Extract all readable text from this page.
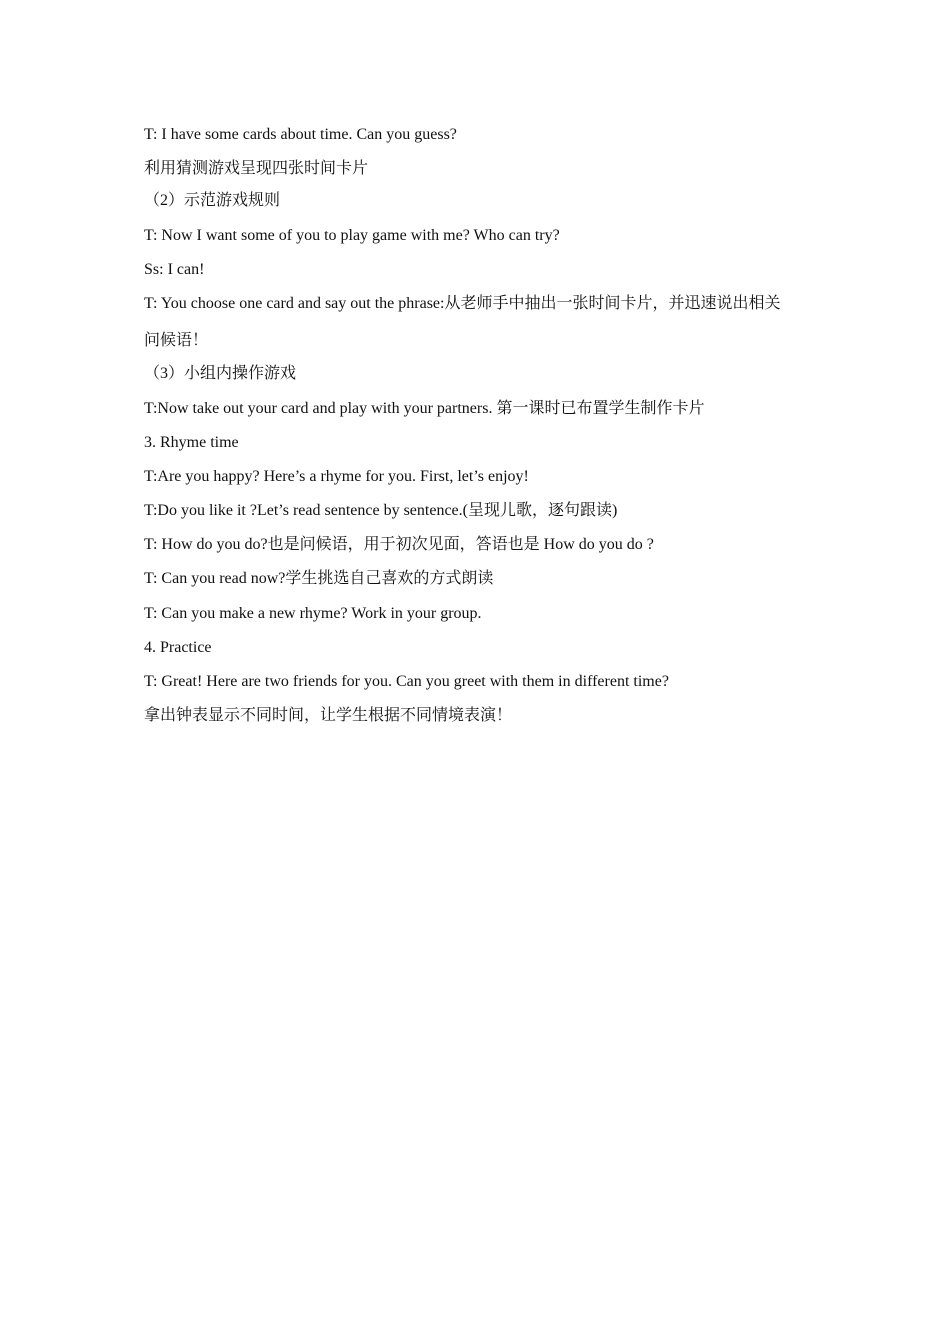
T: I have some cards about time. Can you guess?

利用猜测游戏呈现四张时间卡片

（2）示范游戏规则

T: Now I want some of you to play game with me? Who can try?

Ss: I can!

T: You choose one card and say out the phrase:从老师手中抽出一张时间卡片，并迅速说出相关

问候语！

（3）小组内操作游戏

T:Now take out your card and play with your partners. 第一课时已布置学生制作卡片

3. Rhyme time

T:Are you happy? Here’s a rhyme for you. First, let’s enjoy!

T:Do you like it ?Let’s read sentence by sentence.(呈现儿歌，逐句跟读)

T: How do you do?也是问候语，用于初次见面，答语也是 How do you do ?

T: Can you read now?学生挑选自己喜欢的方式朗读

T: Can you make a new rhyme? Work in your group.

4. Practice

T: Great! Here are two friends for you. Can you greet with them in different time?

拿出钟表显示不同时间，让学生根据不同情境表演！
